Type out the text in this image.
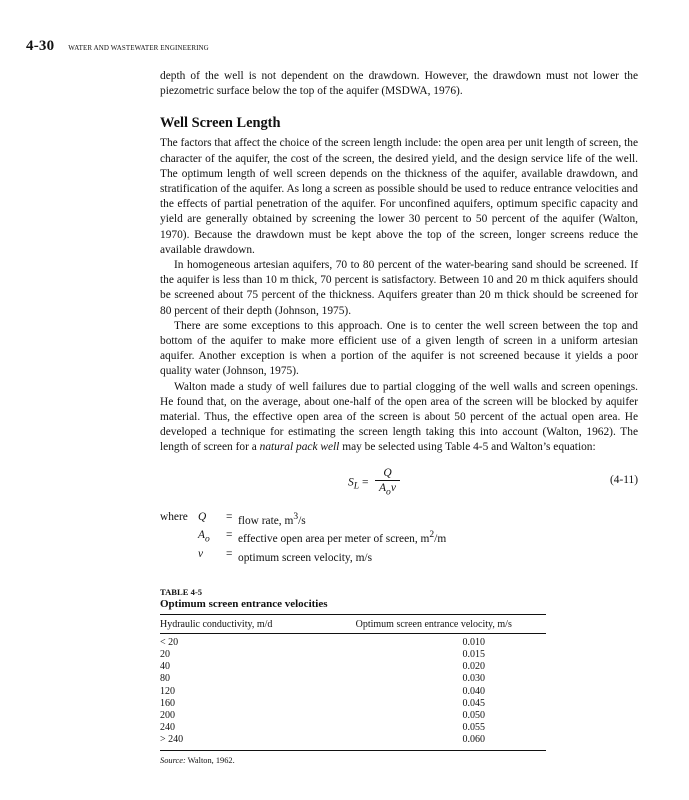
4-30 WATER AND WASTEWATER ENGINEERING

depth of the well is not dependent on the drawdown. However, the drawdown must not lower the piezometric surface below the top of the aquifer (MSDWA, 1976).

Well Screen Length

The factors that affect the choice of the screen length include: the open area per unit length of screen, the character of the aquifer, the cost of the screen, the desired yield, and the design service life of the well. The optimum length of well screen depends on the thickness of the aquifer, available drawdown, and stratification of the aquifer. As long a screen as possible should be used to reduce entrance velocities and the effects of partial penetration of the aquifer. For unconfined aquifers, optimum specific capacity and yield are generally obtained by screening the lower 30 percent to 50 percent of the aquifer (Walton, 1970). Because the drawdown must be kept above the top of the screen, longer screens reduce the available drawdown.

In homogeneous artesian aquifers, 70 to 80 percent of the water-bearing sand should be screened. If the aquifer is less than 10 m thick, 70 percent is satisfactory. Between 10 and 20 m thick aquifers should be screened about 75 percent of the thickness. Aquifers greater than 20 m thick should be screened for 80 percent of their depth (Johnson, 1975).

There are some exceptions to this approach. One is to center the well screen between the top and bottom of the aquifer to make more efficient use of a given length of screen in a uniform artesian aquifer. Another exception is when a portion of the aquifer is not screened because it yields a poor quality water (Johnson, 1975).

Walton made a study of well failures due to partial clogging of the well walls and screen openings. He found that, on the average, about one-half of the open area of the screen will be blocked by aquifer material. Thus, the effective open area of the screen is about 50 percent of the actual open area. He developed a technique for estimating the screen length taking this into account (Walton, 1962). The length of screen for a natural pack well may be selected using Table 4-5 and Walton’s equation:

$S_L = \frac{Q}{A_ov}$	(4-11)
where Q	= flow rate, $m^3/s$
$A_o$	= effective open area per meter of screen, $m^2/m$
v	= optimum screen velocity, m/s
TABLE 4-5
Optimum screen entrance velocities
Hydraulic conductivity, m/d	Optimum screen entrance velocity, m/s
< 20	0.010
20	0.015
40	0.020
80	0.030
120	0.040
160	0.045
200	0.050
240	0.055
> 240	0.060
Source: Walton, 1962.
